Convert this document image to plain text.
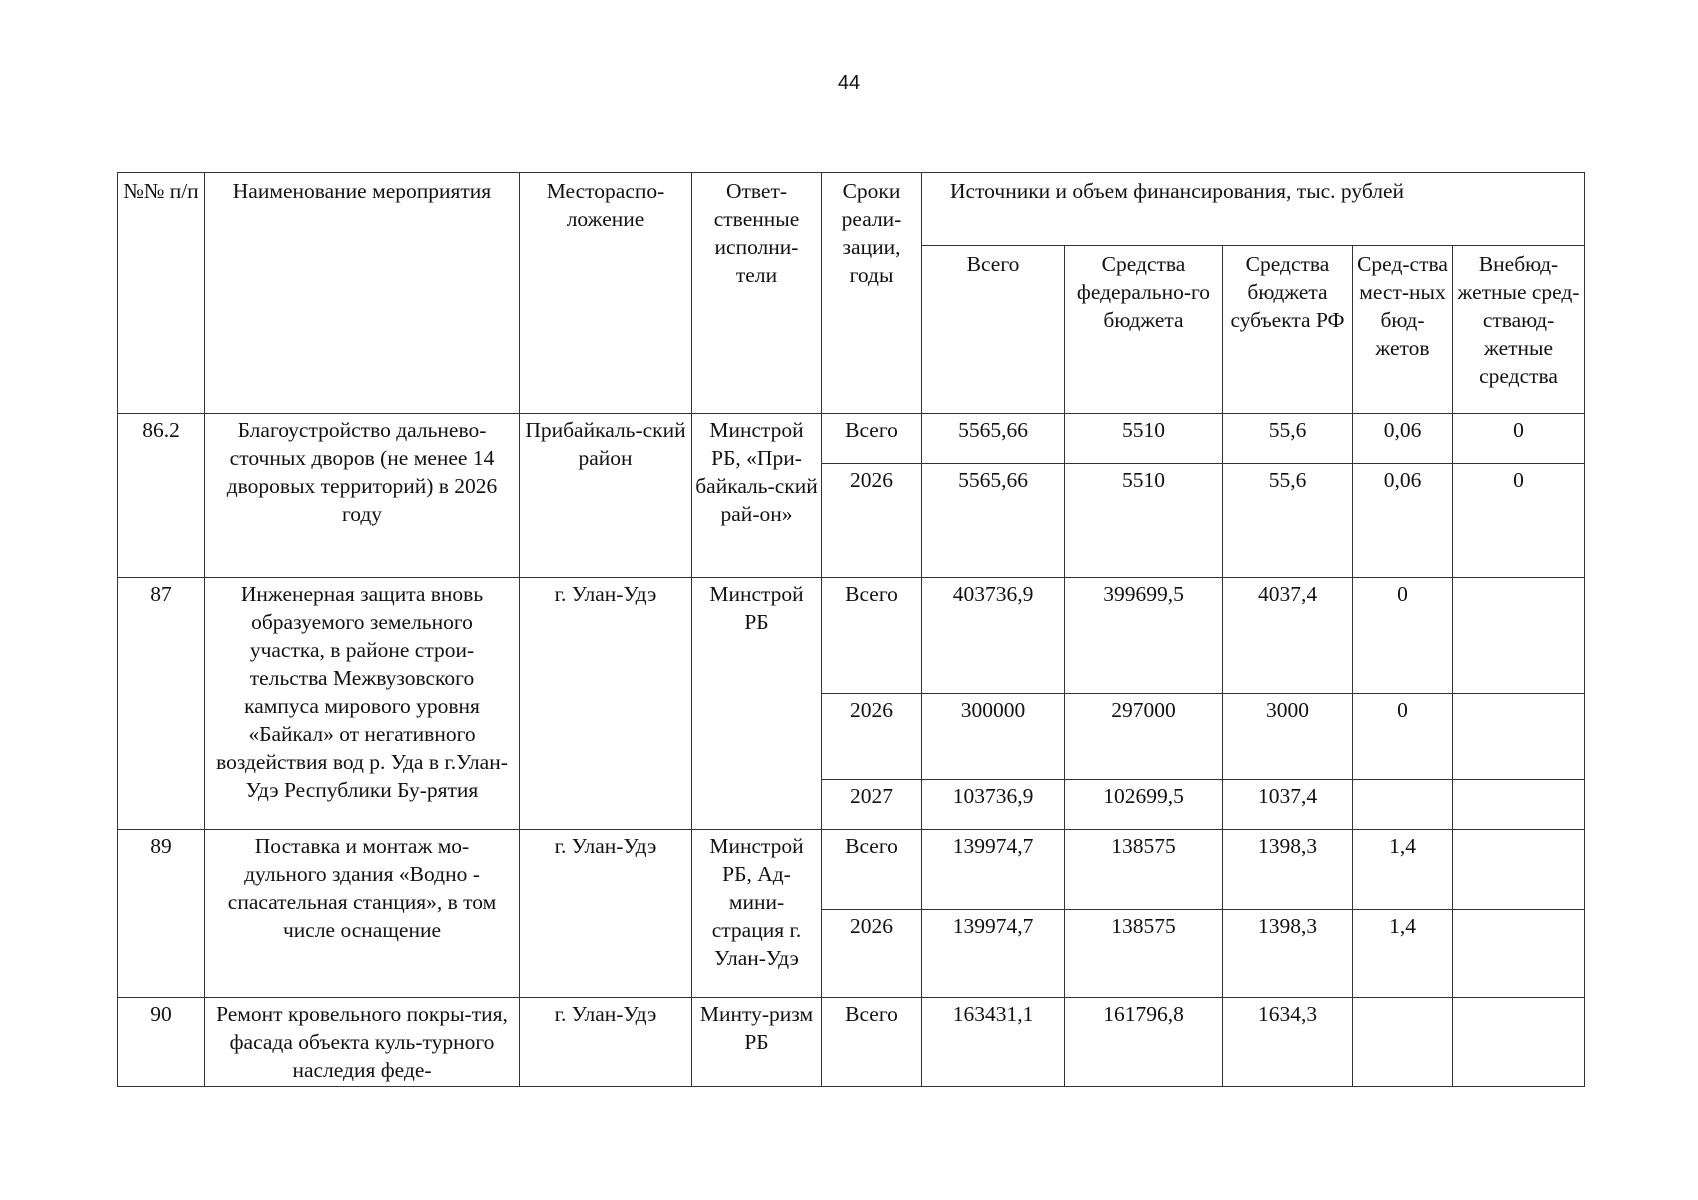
44
№№ п/п	Наименование мероприятия	Местораспо-ложение	Ответ-ственные исполни-тели	Сроки реали-зации, годы	Источники и объем финансирования, тыс. рублей				
					Всего	Средства федерально-го бюджета	Средства бюджета субъекта РФ	Сред-ства мест-ных бюд-жетов	Внебюд-жетные сред-стваюд-жетные средства
86.2	Благоустройство дальнево-сточных дворов (не менее 14 дворовых территорий) в 2026 году	Прибайкаль-ский район	Минстрой РБ, «При-байкаль-ский рай-он»	Всего	5565,66	5510	55,6	0,06	0
				2026	5565,66	5510	55,6	0,06	0
87	Инженерная защита вновь образуемого земельного участка, в районе строи-тельства Межвузовского кампуса мирового уровня «Байкал» от негативного воздействия вод р. Уда в г.Улан-Удэ Республики Бу-рятия	г. Улан-Удэ	Минстрой РБ	Всего	403736,9	399699,5	4037,4	0	
				2026	300000	297000	3000	0	
				2027	103736,9	102699,5	1037,4		
89	Поставка и монтаж мо-дульного здания «Водно - спасательная станция», в том числе оснащение	г. Улан-Удэ	Минстрой РБ, Ад-мини-страция г. Улан-Удэ	Всего	139974,7	138575	1398,3	1,4	
				2026	139974,7	138575	1398,3	1,4	
90	Ремонт кровельного покры-тия, фасада объекта куль-турного наследия феде-	г. Улан-Удэ	Минту-ризм РБ	Всего	163431,1	161796,8	1634,3		
